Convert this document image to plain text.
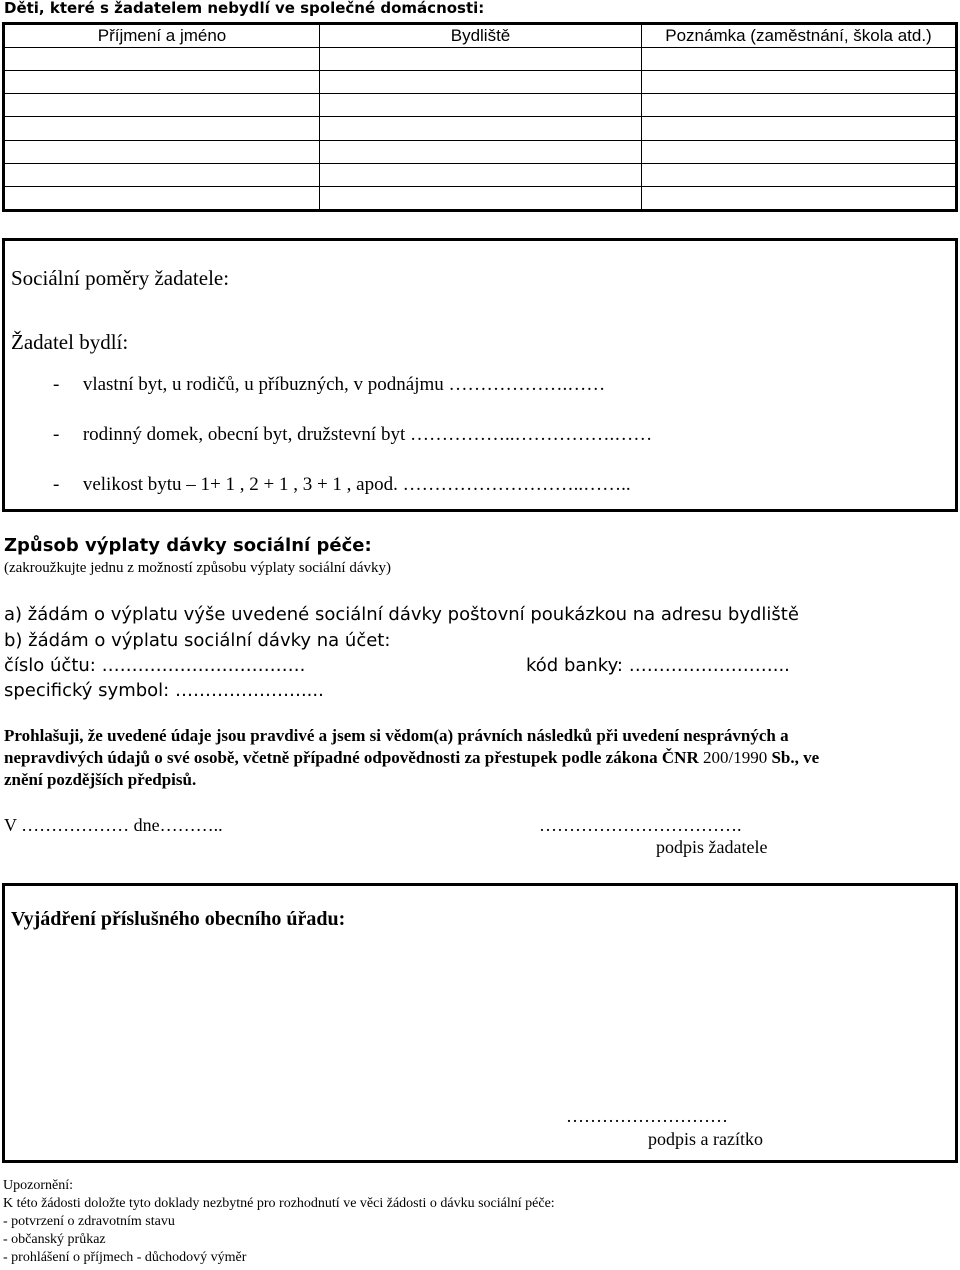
Děti, které s žadatelem nebydlí ve společné domácnosti:
Příjmení a jméno	Bydliště	Poznámka (zaměstnání, škola atd.)

Sociální poměry žadatele:
Žadatel bydlí:
- vlastní byt, u rodičů, u příbuzných, v podnájmu ……………….……
- rodinný domek, obecní byt, družstevní byt ……………..…………….……
- velikost bytu – 1+ 1 , 2 + 1 , 3 + 1 , apod. ………………………..……..
Způsob výplaty dávky sociální péče:
(zakroužkujte jednu z možností způsobu výplaty sociální dávky)
a) žádám o výplatu výše uvedené sociální dávky poštovní poukázkou na adresu bydliště
b) žádám o výplatu sociální dávky na účet:
číslo účtu: …………………………….	kód banky: ……………………...
specifický symbol: …………………....
Prohlašuji, že uvedené údaje jsou pravdivé a jsem si vědom(a) právních následků při uvedení nesprávných a
nepravdivých údajů o své osobě, včetně případné odpovědnosti za přestupek podle zákona ČNR 200/1990 Sb., ve
znění pozdějších předpisů.
V ……………… dne………..	…………………………….
podpis žadatele
Vyjádření příslušného obecního úřadu:
………………………
podpis a razítko
Upozornění:
K této žádosti doložte tyto doklady nezbytné pro rozhodnutí ve věci žádosti o dávku sociální péče:
- potvrzení o zdravotním stavu
- občanský průkaz
- prohlášení o příjmech - důchodový výměr
